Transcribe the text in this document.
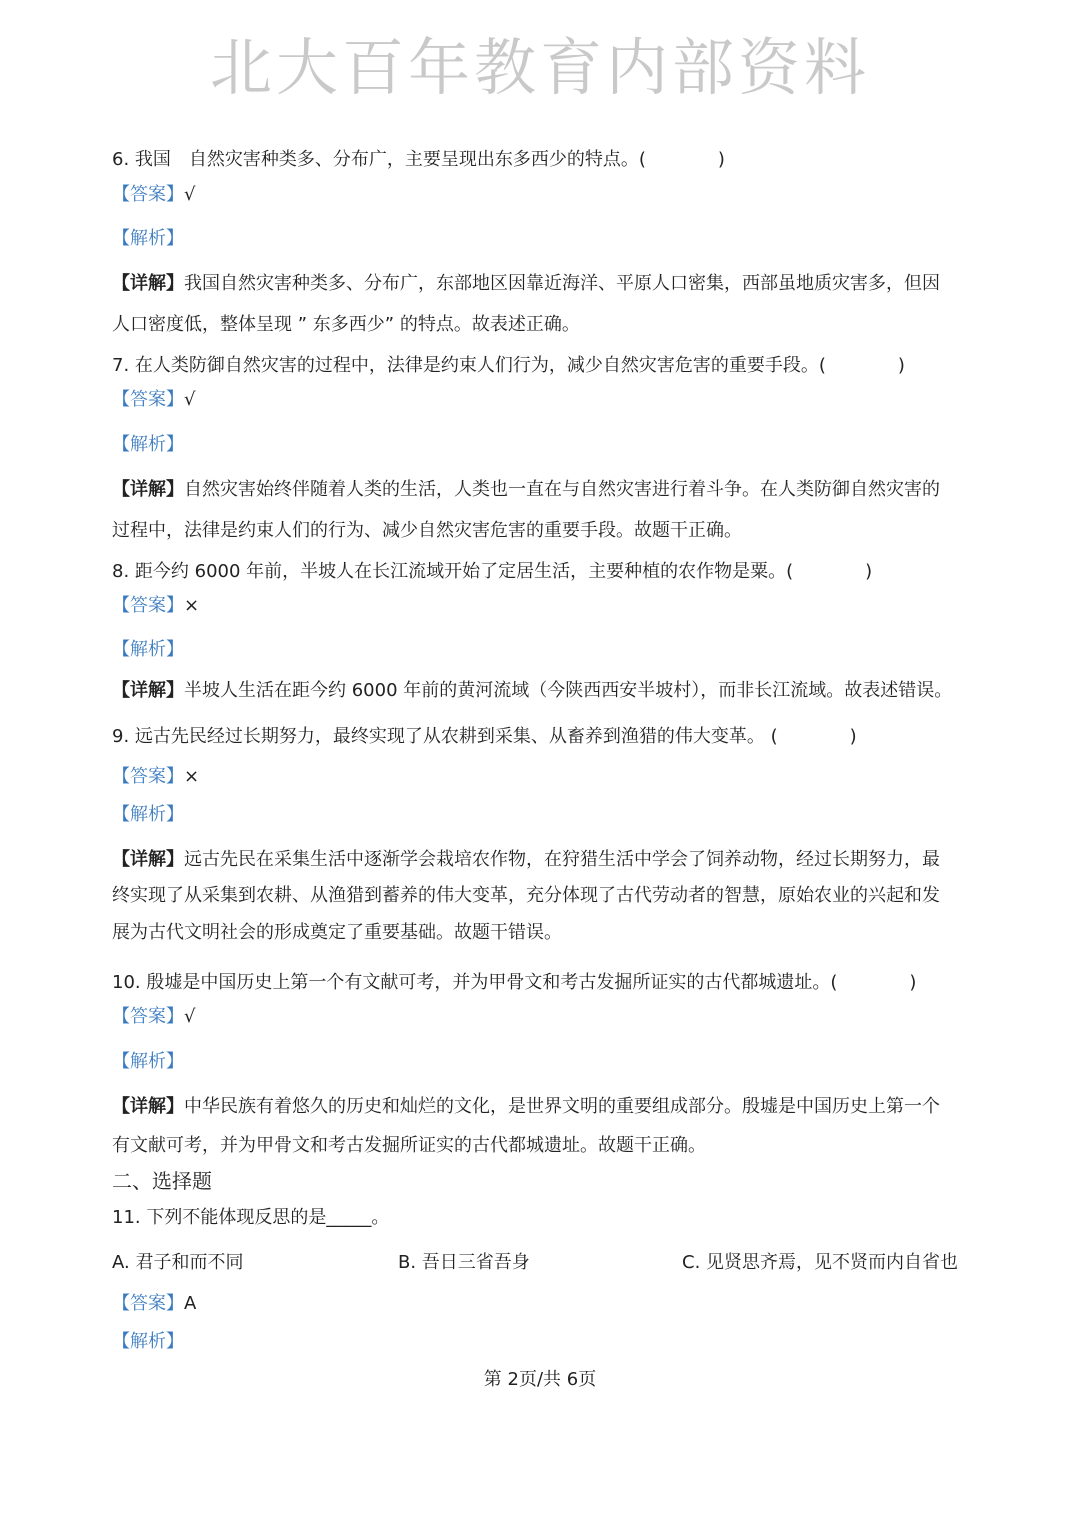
北大百年教育内部资料
6. 我国　自然灾害种类多、分布广，主要呈现出东多西少的特点。(　　　　)
【答案】√
【解析】
【详解】我国自然灾害种类多、分布广，东部地区因靠近海洋、平原人口密集，西部虽地质灾害多，但因
人口密度低，整体呈现 ” 东多西少” 的特点。故表述正确。
7. 在人类防御自然灾害的过程中，法律是约束人们行为，减少自然灾害危害的重要手段。(　　　　)
【答案】√
【解析】
【详解】自然灾害始终伴随着人类的生活，人类也一直在与自然灾害进行着斗争。在人类防御自然灾害的
过程中，法律是约束人们的行为、减少自然灾害危害的重要手段。故题干正确。
8. 距今约 6000 年前，半坡人在长江流域开始了定居生活，主要种植的农作物是粟。(　　　　)
【答案】×
【解析】
【详解】半坡人生活在距今约 6000 年前的黄河流域（今陕西西安半坡村），而非长江流域。故表述错误。
9. 远古先民经过长期努力，最终实现了从农耕到采集、从畜养到渔猎的伟大变革。 (　　　　)
【答案】×
【解析】
【详解】远古先民在采集生活中逐渐学会栽培农作物，在狩猎生活中学会了饲养动物，经过长期努力，最
终实现了从采集到农耕、从渔猎到蓄养的伟大变革，充分体现了古代劳动者的智慧，原始农业的兴起和发
展为古代文明社会的形成奠定了重要基础。故题干错误。
10. 殷墟是中国历史上第一个有文献可考，并为甲骨文和考古发掘所证实的古代都城遗址。(　　　　)
【答案】√
【解析】
【详解】中华民族有着悠久的历史和灿烂的文化，是世界文明的重要组成部分。殷墟是中国历史上第一个
有文献可考，并为甲骨文和考古发掘所证实的古代都城遗址。故题干正确。
二、选择题
11. 下列不能体现反思的是_____。
A. 君子和而不同	B. 吾日三省吾身	C. 见贤思齐焉，见不贤而内自省也
【答案】A
【解析】
第 2页/共 6页
